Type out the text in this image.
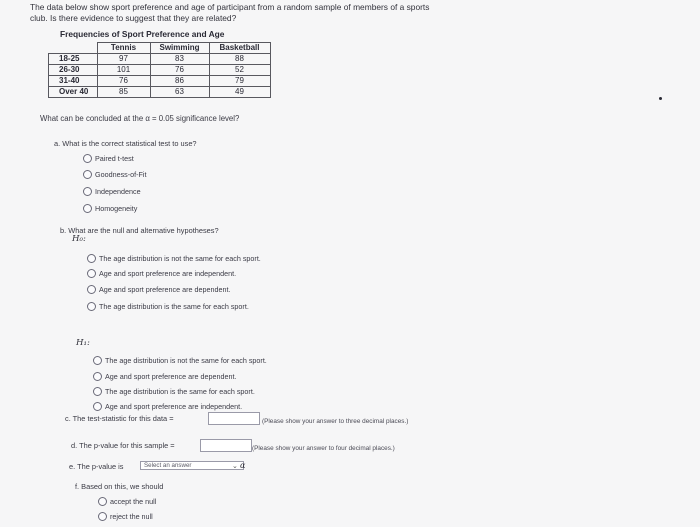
The data below show sport preference and age of participant from a random sample of members of a sports
club. Is there evidence to suggest that they are related?
Frequencies of Sport Preference and Age
	Tennis	Swimming	Basketball
18-25	97	83	88
26-30	101	76	52
31-40	76	86	79
Over 40	85	63	49
What can be concluded at the α = 0.05 significance level?
a. What is the correct statistical test to use?
Paired t-test
Goodness-of-Fit
Independence
Homogeneity
b. What are the null and alternative hypotheses?
H₀:
The age distribution is not the same for each sport.
Age and sport preference are independent.
Age and sport preference are dependent.
The age distribution is the same for each sport.
H₁:
The age distribution is not the same for each sport.
Age and sport preference are dependent.
The age distribution is the same for each sport.
Age and sport preference are independent.
c. The test-statistic for this data =	(Please show your answer to three decimal places.)
d. The p-value for this sample =	(Please show your answer to four decimal places.)
e. The p-value is	Select an answer	⌄ α
f. Based on this, we should
accept the null
reject the null
